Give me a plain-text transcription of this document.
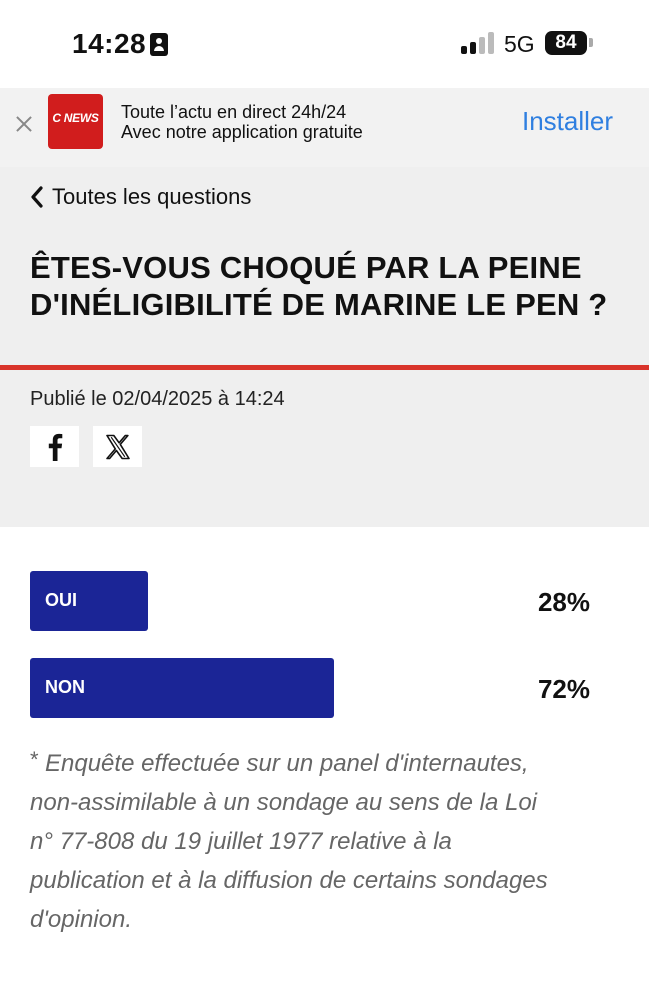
14:28	5G	84
C NEWS Toute l’actu en direct 24h/24
Avec notre application gratuite	Installer
Toutes les questions
ÊTES-VOUS CHOQUÉ PAR LA PEINE D'INÉLIGIBILITÉ DE MARINE LE PEN ?
Publié le 02/04/2025 à 14:24
OUI	28%
NON	72%
* Enquête effectuée sur un panel d'internautes, non-assimilable à un sondage au sens de la Loi n° 77-808 du 19 juillet 1977 relative à la publication et à la diffusion de certains sondages d'opinion.
